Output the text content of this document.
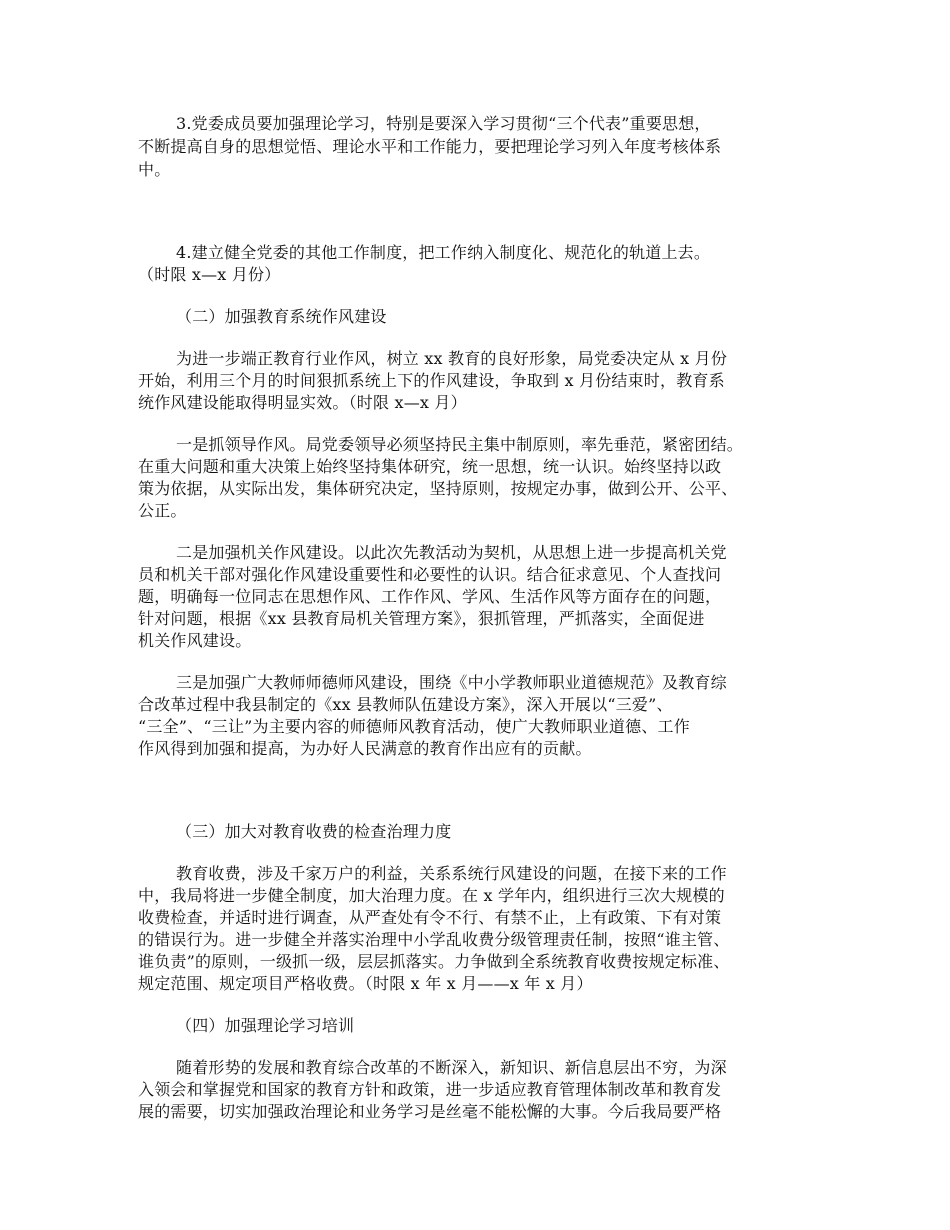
3.党委成员要加强理论学习，特别是要深入学习贯彻“三个代表”重要思想，
不断提高自身的思想觉悟、理论水平和工作能力，要把理论学习列入年度考核体系
中。
4.建立健全党委的其他工作制度，把工作纳入制度化、规范化的轨道上去。
（时限 x—x 月份）
（二）加强教育系统作风建设
为进一步端正教育行业作风，树立 xx 教育的良好形象，局党委决定从 x 月份
开始，利用三个月的时间狠抓系统上下的作风建设，争取到 x 月份结束时，教育系
统作风建设能取得明显实效。（时限 x—x 月）
一是抓领导作风。局党委领导必须坚持民主集中制原则，率先垂范，紧密团结。
在重大问题和重大决策上始终坚持集体研究，统一思想，统一认识。始终坚持以政
策为依据，从实际出发，集体研究决定，坚持原则，按规定办事，做到公开、公平、
公正。
二是加强机关作风建设。以此次先教活动为契机，从思想上进一步提高机关党
员和机关干部对强化作风建设重要性和必要性的认识。结合征求意见、个人查找问
题，明确每一位同志在思想作风、工作作风、学风、生活作风等方面存在的问题，
针对问题，根据《xx 县教育局机关管理方案》，狠抓管理，严抓落实，全面促进
机关作风建设。
三是加强广大教师师德师风建设，围绕《中小学教师职业道德规范》及教育综
合改革过程中我县制定的《xx 县教师队伍建设方案》，深入开展以“三爱”、
“三全”、“三让”为主要内容的师德师风教育活动，使广大教师职业道德、工作
作风得到加强和提高，为办好人民满意的教育作出应有的贡献。
（三）加大对教育收费的检查治理力度
教育收费，涉及千家万户的利益，关系系统行风建设的问题，在接下来的工作
中，我局将进一步健全制度，加大治理力度。在 x 学年内，组织进行三次大规模的
收费检查，并适时进行调查，从严查处有令不行、有禁不止，上有政策、下有对策
的错误行为。进一步健全并落实治理中小学乱收费分级管理责任制，按照“谁主管、
谁负责”的原则，一级抓一级，层层抓落实。力争做到全系统教育收费按规定标准、
规定范围、规定项目严格收费。（时限 x 年 x 月——x 年 x 月）
（四）加强理论学习培训
随着形势的发展和教育综合改革的不断深入，新知识、新信息层出不穷，为深
入领会和掌握党和国家的教育方针和政策，进一步适应教育管理体制改革和教育发
展的需要，切实加强政治理论和业务学习是丝毫不能松懈的大事。今后我局要严格
